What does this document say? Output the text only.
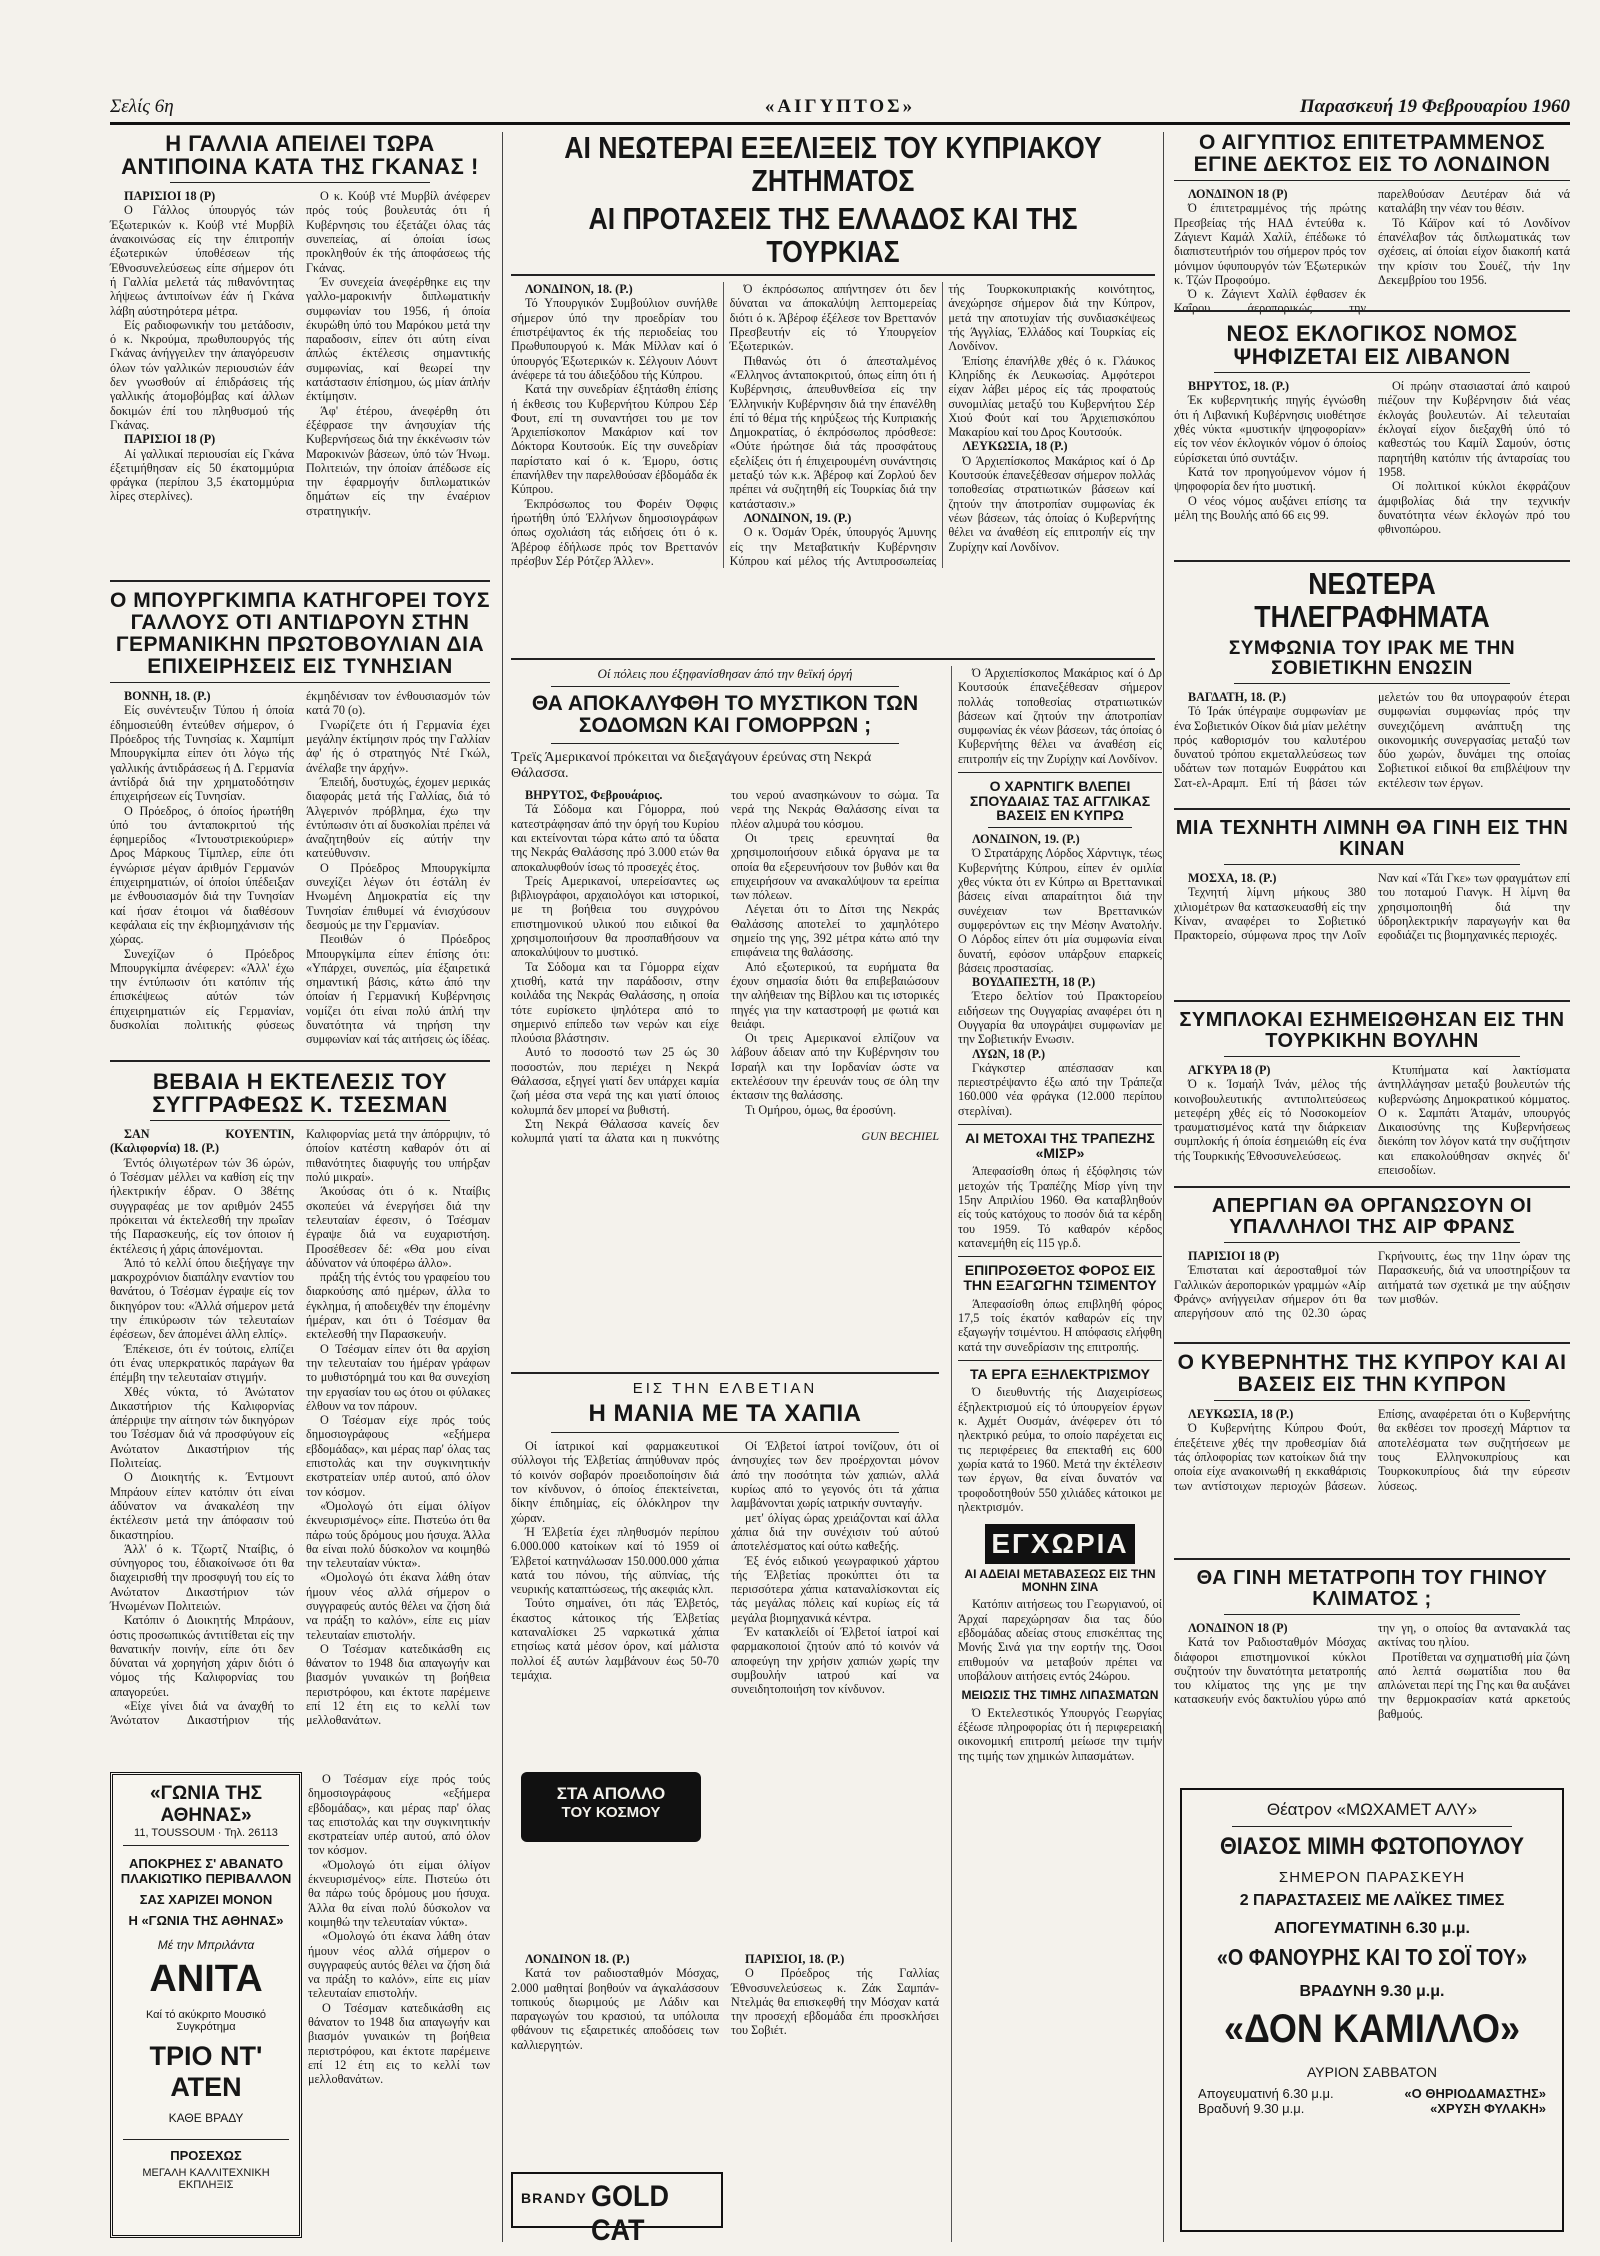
Σελίς 6η	«ΑΙΓΥΠΤΟΣ»	Παρασκευή 19 Φεβρουαρίου 1960
Η ΓΑΛΛΙΑ ΑΠΕΙΛΕΙ ΤΩΡΑ ΑΝΤΙΠΟΙΝΑ ΚΑΤΑ ΤΗΣ ΓΚΑΝΑΣ !

ΠΑΡΙΣΙΟΙ 18 (Ρ)

Ο Γάλλος ύπουργός τών Έξωτερικών κ. Κούβ ντέ Μυρβίλ άνακοινώσας είς την έπιτροπήν έξωτερικών ύποθέσεων τής Έθνοσυνελεύσεως είπε σήμερον ότι ή Γαλλία μελετά τάς πιθανόντητας λήψεως άντιποίνων έάν ή Γκάνα λάβη αύστηρότερα μέτρα.

Είς ραδιοφωνικήν του μετάδοσιν, ό κ. Νκρούμα, πρωθυπουργός τής Γκάνας άνήγγειλεν την άπαγόρευσιν όλων τών γαλλικών περιουσιών έάν δεν γνωσθούν αί έπιδράσεις τής γαλλικής άτομοβόμβας καί άλλων δοκιμών έπί του πληθυσμού τής Γκάνας.

ΠΑΡΙΣΙΟΙ 18 (Ρ)

Αί γαλλικαί περιουσίαι είς Γκάνα έξετιμήθησαν είς 50 έκατομμύρια φράγκα (περίπου 3,5 έκατομμύρια λίρες στερλίνες).

Ο κ. Κούβ ντέ Μυρβίλ άνέφερεν πρός τούς βουλευτάς ότι ή Κυβέρνησις του έξετάζει όλας τάς συνεπείας, αί όποίαι ίσως προκληθούν έκ τής άποφάσεως τής Γκάνας.

Έν συνεχεία άνεφέρθηκε εις την γαλλο-μαροκινήν διπλωματικήν συμφωνίαν του 1956, ή όποία έκυρώθη ύπό του Μαρόκου μετά την παραδοσιν, είπεν ότι αύτη είναι άπλώς έκτέλεσις σημαντικής συμφωνίας, καί θεωρεί την κατάστασιν έπίσημου, ώς μίαν άπλήν έκτίμησιν.

Άφ' έτέρου, άνεφέρθη ότι έξέφρασε την άνησυχίαν τής Κυβερνήσεως διά την έκκένωσιν τών Μαροκινών βάσεων, ύπό τών Ήνωμ. Πολιτειών, την όποίαν άπέδωσε είς την έφαρμογήν διπλωματικών δημάτων είς την έναέριον στρατηγικήν.

Ο ΜΠΟΥΡΓΚΙΜΠΑ ΚΑΤΗΓΟΡΕΙ ΤΟΥΣ ΓΑΛΛΟΥΣ ΟΤΙ ΑΝΤΙΔΡΟΥΝ ΣΤΗΝ ΓΕΡΜΑΝΙΚΗΝ ΠΡΩΤΟΒΟΥΛΙΑΝ ΔΙΑ ΕΠΙΧΕΙΡΗΣΕΙΣ ΕΙΣ ΤΥΝΗΣΙΑΝ

ΒΟΝΝΗ, 18. (Ρ.)

Είς συνέντευξιν Τύπου ή όποία έδημοσιεύθη έντεύθεν σήμερον, ό Πρόεδρος τής Τυνησίας κ. Χαμπίμπ Μπουργκίμπα είπεν ότι λόγω τής γαλλικής άντιδράσεως ή Δ. Γερμανία άντίδρά διά την χρηματοδότησιν έπιχειρήσεων είς Τυνησίαν.

Ο Πρόεδρος, ό όποίος ήρωτήθη ύπό του άνταποκριτού τής έφημερίδος «Ίντουστριεκούριερ» Δρος Μάρκους Τίμπλερ, είπε ότι έγνώρισε μέγαν άριθμόν Γερμανών έπιχειρηματιών, οί όποίοι ύπέδειξαν με ένθουσιασμόν διά την Τυνησίαν καί ήσαν έτοιμοι νά διαθέσουν κεφάλαια είς την έκβιομηχάνισιν τής χώρας.

Συνεχίζων ό Πρόεδρος Μπουργκίμπα άνέφερεν: «Άλλ' έχω την έντύπωσιν ότι κατόπιν τής έπισκέψεως αύτών τών έπιχειρηματιών είς Γερμανίαν, δυσκολίαι πολιτικής φύσεως έκμηδένισαν τον ένθουσιασμόν τών κατά 70 (ο).

Γνωρίζετε ότι ή Γερμανία έχει μεγάλην έκτίμησιν πρός την Γαλλίαν άφ' ής ό στρατηγός Ντέ Γκώλ, άνέλαβε την άρχήν».

Έπειδή, δυστυχώς, έχομεν μερικάς διαφοράς μετά τής Γαλλίας, διά τό Άλγερινόν πρόβλημα, έχω την έντύπωσιν ότι αί δυσκολίαι πρέπει νά άναζητηθούν είς αύτήν την κατεύθυνσιν.

Ο Πρόεδρος Μπουργκίμπα συνεχίζει λέγων ότι έστάλη έν Ηνωμένη Δημοκρατία είς την Τυνησίαν έπιθυμεί νά ένισχύσουν δεσμούς με την Γερμανίαν.

Πεοιθών ό Πρόεδρος Μπουργκίμπα είπεν έπίσης ότι: «Υπάρχει, συνεπώς, μία έξαιρετικά σημαντική βάσις, κάτω άπό την όποίαν ή Γερμανική Κυβέρνησις νομίζει ότι είναι πολύ άπλή την δυνατότητα νά τηρήση την συμφωνίαν καί τάς αιτήσεις ώς ίδέας.

ΒΕΒΑΙΑ Η ΕΚΤΕΛΕΣΙΣ ΤΟΥ ΣΥΓΓΡΑΦΕΩΣ Κ. ΤΣΕΣΜΑΝ

ΣΑΝ ΚΟΥΕΝΤΙΝ, (Καλιφορνία) 18. (Ρ.)

Έντός όλιγωτέρων τών 36 ώρών, ό Τσέσμαν μέλλει να καθίση είς την ήλεκτρικήν έδραν. Ο 38έτης συγγραφέας με τον αριθμόν 2455 πρόκειται νά έκτελεσθή την πρωΐαν τής Παρασκευής, είς τον όποιον ή έκτέλεσις ή χάρις άπονέμονται.

Άπό τό κελλί όπου διεξήγαγε την μακροχρόνιον διαπάλην εναντίον του θανάτου, ό Τσέσμαν έγραψε είς τον δικηγόρον του: «Άλλά σήμερον μετά την έπικύρωσιν τών τελευταίων έφέσεων, δεν άπομένει άλλη ελπίς».

Έπέκεισε, ότι έν τούτοις, ελπίζει ότι ένας υπερκρατικός παράγων θα έπέμβη την τελευταίαν στιγμήν.

Χθές νύκτα, τό Άνώτατον Δικαστήριον τής Καλιφορνίας άπέρριψε την αίτησιν τών δικηγόρων του Τσέσμαν διά νά προσφύγουν είς Ανώτατον Δικαστήριον τής Πολιτείας.

Ο Διοικητής κ. Έντμουντ Μπράουν είπεν κατόπιν ότι είναι άδύνατον να άνακαλέση την έκτέλεσιν μετά την άπόφασιν τού δικαστηρίου.

Άλλ' ό κ. Τζωρτζ Νταίβις, ό σύνηγορος του, έδιακοίνωσε ότι θα διαχειρισθή την προσφυγή του είς το Ανώτατον Δικαστήριον τών Ήνωμένων Πολιτειών.

Κατόπιν ό Διοικητής Μπράουν, όστις προσωπικώς άντιτίθεται είς την θανατικήν ποινήν, είπε ότι δεν δύναται νά χορηγήση χάριν διότι ό νόμος τής Καλιφορνίας του απαγορεύει.

«Είχε γίνει διά να άναχθή το Άνώτατον Δικαστήριον τής Καλιφορνίας μετά την άπόρριψιν, τό όποίον κατέστη καθαρόν ότι αί πιθανότητες διαφυγής του υπήρξαν πολύ μικραί».

Άκούσας ότι ό κ. Νταίβις σκοπεύει νά ένεργήσει διά την τελευταίαν έφεσιν, ό Τσέσμαν έγραψε διά να ευχαριστήση. Προσέθεσεν δέ: «Θα μου είναι άδύνατον νά ύποφέρω άλλο».

πράξη τής έντός του γραφείου του διαρκούσης από ημέρων, άλλα το έγκλημα, ή αποδειχθέν την έπομένην ήμέραν, και ότι ό Τσέσμαν θα εκτελεσθή την Παρασκευήν.

Ο Τσέσμαν είπεν ότι θα αρχίση την τελευταίαν του ήμέραν γράφων το μυθιστόρημά του και θα συνεχίση την εργασίαν του ως ότου οι φύλακες έλθουν να τον πάρουν.

Ο Τσέσμαν είχε πρός τούς δημοσιογράφους «εξήμερα εβδομάδας», και μέρας παρ' όλας τας επιστολάς και την συγκινητικήν εκστρατείαν υπέρ αυτού, από όλον τον κόσμον.

«Όμολογώ ότι είμαι όλίγον έκνευρισμένος» είπε. Πιστεύω ότι θα πάρω τούς δρόμους μου ήσυχα. Άλλα θα είναι πολύ δύσκολον να κοιμηθώ την τελευταίαν νύκτα».

«Ομολογώ ότι έκανα λάθη όταν ήμουν νέος αλλά σήμερον ο συγγραφεύς αυτός θέλει να ζήση διά να πράξη το καλόν», είπε εις μίαν τελευταίαν επιστολήν.

Ο Τσέσμαν κατεδικάσθη εις θάνατον το 1948 δια απαγωγήν και βιασμόν γυναικών τη βοήθεια περιστρόφου, και έκτοτε παρέμεινε επί 12 έτη εις το κελλί των μελλοθανάτων.

«ΓΩΝΙΑ ΤΗΣ ΑΘΗΝΑΣ»
11, TOUSSOUM · Τηλ. 26113
ΑΠΟΚΡΗΕΣ Σ' ΑΒΑΝΑΤΟ
ΠΛΑΚΙΩΤΙΚΟ ΠΕΡΙΒΑΛΛΟΝ
ΣΑΣ ΧΑΡΙΖΕΙ ΜΟΝΟΝ
Η «ΓΩΝΙΑ ΤΗΣ ΑΘΗΝΑΣ»
Μέ την Μπριλάντα
ΑΝΙΤΑ
Καί τό ακύκριτο Μουσικό Συγκρότημα
ΤΡΙΟ ΝΤ' ΑΤΕΝ
ΚΑΘΕ ΒΡΑΔΥ
ΠΡΟΣΕΧΩΣ
ΜΕΓΑΛΗ ΚΑΛΛΙΤΕΧΝΙΚΗ ΕΚΠΛΗΞΙΣ

Ο Τσέσμαν είχε πρός τούς δημοσιογράφους «εξήμερα εβδομάδας», και μέρας παρ' όλας τας επιστολάς και την συγκινητικήν εκστρατείαν υπέρ αυτού, από όλον τον κόσμον.

«Όμολογώ ότι είμαι όλίγον έκνευρισμένος» είπε. Πιστεύω ότι θα πάρω τούς δρόμους μου ήσυχα. Άλλα θα είναι πολύ δύσκολον να κοιμηθώ την τελευταίαν νύκτα».

«Ομολογώ ότι έκανα λάθη όταν ήμουν νέος αλλά σήμερον ο συγγραφεύς αυτός θέλει να ζήση διά να πράξη το καλόν», είπε εις μίαν τελευταίαν επιστολήν.

Ο Τσέσμαν κατεδικάσθη εις θάνατον το 1948 δια απαγωγήν και βιασμόν γυναικών τη βοήθεια περιστρόφου, και έκτοτε παρέμεινε επί 12 έτη εις το κελλί των μελλοθανάτων.

ΑΙ ΝΕΩΤΕΡΑΙ ΕΞΕΛΙΞΕΙΣ ΤΟΥ ΚΥΠΡΙΑΚΟΥ ΖΗΤΗΜΑΤΟΣ
ΑΙ ΠΡΟΤΑΣΕΙΣ ΤΗΣ ΕΛΛΑΔΟΣ ΚΑΙ ΤΗΣ ΤΟΥΡΚΙΑΣ

ΛΟΝΔΙΝΟΝ, 18. (Ρ.)

Τό Υπουργικόν Συμβούλιον συνήλθε σήμερον ύπό την προεδρίαν του έπιστρέψαντος έκ τής περιοδείας του Πρωθυπουργού κ. Μάκ Μίλλαν καί ό ύπουργός Έξωτερικών κ. Σέλγουιν Λόυντ άνέφερε τά του άδιεξόδου τής Κύπρου.

Κατά την συνεδρίαν έξητάσθη έπίσης ή έκθεσις του Κυβερνήτου Κύπρου Σέρ Φουτ, επί τη συναντήσει του με τον Άρχιεπίσκοπον Μακάριον καί τον Δόκτορα Κουτσούκ. Είς την συνεδρίαν παρίστατο καί ό κ. Έμορυ, όστις έπανήλθεν την παρελθούσαν έβδομάδα έκ Κύπρου.

Έκπρόσωπος του Φορέιν Όφφις ήρωτήθη ύπό Έλλήνων δημοσιογράφων όπως σχολιάση τάς ειδήσεις ότι ό κ. Άβέροφ έδήλωσε πρός τον Βρεττανόν πρέσβυν Σέρ Ρότζερ Άλλεν».

Ό έκπρόσωπος απήντησεν ότι δεν δύναται να άποκαλύψη λεπτομερείας διότι ό κ. Άβέροφ έξέλεσε τον Βρεττανόν Πρεσβευτήν είς τό Υπουργείον Έξωτερικών.

Πιθανώς ότι ό άπεσταλμένος «Έλληνος άνταποκριτού, όπως είπη ότι ή Κυβέρνησις, άπευθυνθείσα είς την Έλληνικήν Κυβέρνησιν διά την έπανέλθη έπί τό θέμα τής κηρύξεως τής Κυπριακής Δημοκρατίας, ό έκπρόσωπος πρόσθεσε: «Ούτε ήρώτησε διά τάς προσφάτους εξελίξεις ότι ή έπιχειρουμένη συνάντησις μεταξύ τών κ.κ. Άβέροφ καί Ζορλού δεν πρέπει νά συζητηθή είς Τουρκίας διά την κατάστασιν.»

ΛΟΝΔΙΝΟΝ, 19. (Ρ.)

Ο κ. Όσμάν Όρέκ, ύπουργός Άμυνης είς την Μεταβατικήν Κυβέρνησιν Κύπρου καί μέλος τής Αντιπροσωπείας τής Τουρκοκυπριακής κοινότητος, άνεχώρησε σήμερον διά την Κύπρον, μετά την αποτυχίαν τής συνδιασκέψεως τής Άγγλίας, Έλλάδος καί Τουρκίας είς Λονδίνον.

Έπίσης έπανήλθε χθές ό κ. Γλάυκος Κληρίδης έκ Λευκωσίας. Αμφότεροι είχαν λάβει μέρος είς τάς προφατούς συνομιλίας μεταξύ του Κυβερνήτου Σέρ Χιού Φούτ καί του Άρχιεπισκόπου Μακαρίου καί του Δρος Κουτσούκ.

ΛΕΥΚΩΣΙΑ, 18 (Ρ.)

Ό Άρχιεπίσκοπος Μακάριος καί ό Δρ Κουτσούκ έπανεξέθεσαν σήμερον πολλάς τοποθεσίας στρατιωτικών βάσεων καί ζητούν την άποτροπίαν συμφωνίας έκ νέων βάσεων, τάς όποίας ό Κυβερνήτης θέλει να άναθέση είς επιτροπήν είς την Ζυρίχην καί Λονδίνον.

Οί πόλεις που έξηφανίσθησαν άπό την θεϊκή όργή
ΘΑ ΑΠΟΚΑΛΥΦΘΗ ΤΟ ΜΥΣΤΙΚΟΝ ΤΩΝ ΣΟΔΟΜΩΝ ΚΑΙ ΓΟΜΟΡΡΩΝ ;
Τρεϊς Άμερικανοί πρόκειται να διεξαγάγουν έρεύνας στη Νεκρά Θάλασσα.

ΒΗΡΥΤΟΣ, Φεβρουάριος.

Τά Σόδομα και Γόμορρα, πού κατεστράφησαν άπό την όργή του Κυρίου και εκτείνονται τώρα κάτω από τα ύδατα της Νεκράς Θαλάσσης πρό 3.000 ετών θα αποκαλυφθούν ίσως τό προσεχές έτος.

Τρείς Αμερικανοί, υπερείσαντες ως βιβλιογράφοι, αρχαιολόγοι και ιστορικοί, με τη βοήθεια του συγχρόνου επιστημονικού υλικού που ειδικοί θα χρησιμοποιήσουν θα προσπαθήσουν να αποκαλύψουν το μυστικό.

Τα Σόδομα και τα Γόμορρα είχαν χτισθή, κατά την παράδοσιν, στην κοιλάδα της Νεκράς Θαλάσσης, η οποία τότε ευρίσκετο ψηλότερα από το σημερινό επίπεδο των νερών και είχε πλούσια βλάστησιν.

Αυτό το ποσοστό των 25 ώς 30 ποσοστών, που περιέχει η Νεκρά Θάλασσα, εξηγεί γιατί δεν υπάρχει καμία ζωή μέσα στα νερά της και γιατί όποιος κολυμπά δεν μπορεί να βυθιστή.

Στη Νεκρά Θάλασσα κανείς δεν κολυμπά γιατί τα άλατα και η πυκνότης του νερού ανασηκώνουν το σώμα. Τα νερά της Νεκράς Θαλάσσης είναι τα πλέον αλμυρά του κόσμου.

Οι τρεις ερευνηταί θα χρησιμοποιήσουν ειδικά όργανα με τα οποία θα εξερευνήσουν τον βυθόν και θα επιχειρήσουν να ανακαλύψουν τα ερείπια των πόλεων.

Λέγεται ότι το Δίτσι της Νεκράς Θαλάσσης αποτελεί το χαμηλότερο σημείο της γης, 392 μέτρα κάτω από την επιφάνεια της θαλάσσης.

Από εξωτερικού, τα ευρήματα θα έχουν σημασία διότι θα επιβεβαιώσουν την αλήθειαν της Βίβλου και τις ιστορικές πηγές για την καταστροφή με φωτιά και θειάφι.

Οι τρεις Αμερικανοί ελπίζουν να λάβουν άδειαν από την Κυβέρνησιν του Ισραήλ και την Ιορδανίαν ώστε να εκτελέσουν την έρευνάν τους σε όλη την έκτασιν της θαλάσσης.

Τι Ομήρου, όμως, θα έροσύνη.

GUN BECHIEL

Ό Άρχιεπίσκοπος Μακάριος καί ό Δρ Κουτσούκ έπανεξέθεσαν σήμερον πολλάς τοποθεσίας στρατιωτικών βάσεων καί ζητούν την άποτροπίαν συμφωνίας έκ νέων βάσεων, τάς όποίας ό Κυβερνήτης θέλει να άναθέση είς επιτροπήν είς την Ζυρίχην καί Λονδίνον.

Ο ΧΑΡΝΤΙΓΚ ΒΛΕΠΕΙ ΣΠΟΥΔΑΙΑΣ ΤΑΣ ΑΓΓΛΙΚΑΣ ΒΑΣΕΙΣ ΕΝ ΚΥΠΡΩ

ΛΟΝΔΙΝΟΝ, 19. (Ρ.)

Ό Στρατάρχης Λόρδος Χάρντιγκ, τέως Κυβερνήτης Κύπρου, είπεν έν ομιλία χθες νύκτα ότι εν Κύπρω αι Βρεττανικαί βάσεις είναι απαραίτητοι διά την συνέχειαν των Βρεττανικών συμφερόντων εις την Μέσην Ανατολήν. Ο Λόρδος είπεν ότι μία συμφωνία είναι δυνατή, εφόσον υπάρξουν επαρκείς βάσεις προστασίας.

ΒΟΥΔΑΠΕΣΤΗ, 18 (Ρ.)

Έτερο δελτίον τού Πρακτορείου ειδήσεων της Ουγγαρίας αναφέρει ότι η Ουγγαρία θα υπογράψει συμφωνίαν με την Σοβιετικήν Ενωσιν.

ΛΥΩΝ, 18 (Ρ.)

Γκάγκστερ απέσπασαν και περιεστρέψαντο έξω από την Τράπεζα 160.000 νέα φράγκα (12.000 περίπου στερλίναι).

ΑΙ ΜΕΤΟΧΑΙ ΤΗΣ ΤΡΑΠΕΖΗΣ «ΜΙΣΡ»

Άπεφασίσθη όπως ή έξόφλησις τών μετοχών τής Τραπέζης Μίσρ γίνη την 15ην Απριλίου 1960. Θα καταβληθούν είς τούς κατόχους το ποσόν διά τα κέρδη του 1959. Τό καθαρόν κέρδος κατανεμήθη είς 115 γρ.δ.

ΕΠΙΠΡΟΣΘΕΤΟΣ ΦΟΡΟΣ ΕΙΣ ΤΗΝ ΕΞΑΓΩΓΗΝ ΤΣΙΜΕΝΤΟΥ

Άπεφασίσθη όπως επιβληθή φόρος 17,5 τοίς έκατόν καθαρών είς την εξαγωγήν τσιμέντου. Η απόφασις ελήφθη κατά την συνεδρίασιν της επιτροπής.

ΤΑ ΕΡΓΑ ΕΞΗΛΕΚΤΡΙΣΜΟΥ

Ό διευθυντής τής Διαχειρίσεως έξηλεκτρισμού είς τό ύπουργείον έργων κ. Αχμέτ Ουσμάν, άνέφερεν ότι τό ηλεκτρικό ρεύμα, το οποίο παρέχεται εις τις περιφέρειες θα επεκταθή εις 600 χωρία κατά το 1960. Μετά την έκτέλεσιν των έργων, θα είναι δυνατόν να τροφοδοτηθούν 550 χιλιάδες κάτοικοι με ηλεκτρισμόν.

ΕΓΧΩΡΙΑ
ΑΙ ΑΔΕΙΑΙ ΜΕΤΑΒΑΣΕΩΣ ΕΙΣ ΤΗΝ ΜΟΝΗΝ ΣΙΝΑ

Κατόπιν αιτήσεως του Γεωργιανού, οί Άρχαί παρεχώρησαν δια τας δύο εβδομάδας αδείας στους επισκέπτας της Μονής Σινά για την εορτήν της. Όσοι επιθυμούν να μεταβούν πρέπει να υποβάλουν αιτήσεις εντός 24ώρου.

ΜΕΙΩΣΙΣ ΤΗΣ ΤΙΜΗΣ ΛΙΠΑΣΜΑΤΩΝ

Ό Εκτελεστικός Υπουργός Γεωργίας έξέωσε πληροφορίας ότι ή περιφερειακή οικονομική επιτροπή μείωσε την τιμήν της τιμής των χημικών λιπασμάτων.

ΕΙΣ ΤΗΝ ΕΛΒΕΤΙΑΝ
Η ΜΑΝΙΑ ΜΕ ΤΑ ΧΑΠΙΑ

Οί ίατρικοί καί φαρμακευτικοί σύλλογοι τής Έλβετίας άπηύθυναν πρός τό κοινόν σοβαρόν προειδοποίησιν διά τον κίνδυνον, ό όποίος έπεκτείνεται, δίκην έπιδημίας, είς όλόκληρον την χώραν.

Ή Έλβετία έχει πληθυσμόν περίπου 6.000.000 κατοίκων καί τό 1959 οί Έλβετοί κατηνάλωσαν 150.000.000 χάπια κατά του πόνου, τής αϋπνίας, τής νευρικής καταπτώσεως, τής ακεφιάς κλπ.

Τούτο σημαίνει, ότι πάς Έλβετός, έκαστος κάτοικος τής Έλβετίας καταναλίσκει 25 ναρκωτικά χάπια ετησίως κατά μέσον όρον, καί μάλιστα πολλοί έξ αυτών λαμβάνουν έως 50-70 τεμάχια.

Οί Έλβετοί ίατροί τονίζουν, ότι οί άνησυχίες των δεν προέρχονται μόνον άπό την ποσότητα τών χαπιών, αλλά κυρίως από το γεγονός ότι τά χάπια λαμβάνονται χωρίς ιατρικήν συνταγήν.

μετ' όλίγας ώρας χρειάζονται καί άλλα χάπια διά την συνέχισιν τού αύτού άποτελέσματος καί ούτω καθεξής.

Έξ ένός ειδικού γεωγραφικού χάρτου τής Έλβετίας προκύπτει ότι τα περισσότερα χάπια καταναλίσκονται είς τάς μεγάλας πόλεις καί κυρίως είς τά μεγάλα βιομηχανικά κέντρα.

Έν κατακλείδι οί Έλβετοί ίατροί καί φαρμακοποιοί ζητούν από τό κοινόν νά αποφεύγη την χρήσιν χαπιών χωρίς την συμβουλήν ιατρού καί να συνειδητοποιήση τον κίνδυνον.

ΣΤΑ ΑΠΟΛΛΟ
ΤΟΥ ΚΟΣΜΟΥ

ΛΟΝΔΙΝΟΝ 18. (Ρ.)

Κατά τον ραδιοσταθμόν Μόσχας, 2.000 μαθηταί βοηθούν να άγκαλάσσουν τοπικούς διωριμούς με Λάδιν και παραγωγών του κρασιού, τα υπόλοιπα φθάνουν τις εξαιρετικές αποδόσεις των καλλιεργητών.

ΠΑΡΙΣΙΟΙ, 18. (Ρ.)

Ο Πρόεδρος τής Γαλλίας Έθνοσυνελεύσεως κ. Ζάκ Σαμπάν-Ντελμάς θα επισκεφθή την Μόσχαν κατά την προσεχή εβδομάδα έπι προσκλήσει του Σοβιέτ.

BRANDY GOLD CAT
Ο ΑΙΓΥΠΤΙΟΣ ΕΠΙΤΕΤΡΑΜΜΕΝΟΣ ΕΓΙΝΕ ΔΕΚΤΟΣ ΕΙΣ ΤΟ ΛΟΝΔΙΝΟΝ

ΛΟΝΔΙΝΟΝ 18 (Ρ)

Ό έπιτετραμμένος τής πρώτης Πρεσβείας τής ΗΑΔ έντεύθα κ. Ζάγιεντ Καμάλ Χαλίλ, έπέδωκε τό διαπιστευτήριόν του σήμερον πρός τον μόνιμον ύφυπουργόν τών Έξωτερικών κ. Τζών Προφούμο.

Ό κ. Ζάγιεντ Χαλίλ έφθασεν έκ Καΐρου άεροπορικώς την παρελθούσαν Δευτέραν διά νά καταλάβη την νέαν του θέσιν.

Τό Κάϊρον καί τό Λονδίνον έπανέλαβον τάς διπλωματικάς των σχέσεις, αί όποίαι είχον διακοπή κατά την κρίσιν του Σουέζ, τήν 1ην Δεκεμβρίου του 1956.

ΝΕΟΣ ΕΚΛΟΓΙΚΟΣ ΝΟΜΟΣ ΨΗΦΙΖΕΤΑΙ ΕΙΣ ΛΙΒΑΝΟΝ

ΒΗΡΥΤΟΣ, 18. (Ρ.)

Έκ κυβερνητικής πηγής έγνώσθη ότι ή Λιβανική Κυβέρνησις υιοθέτησε χθές νύκτα «μυστικήν ψηφοφορίαν» είς τον νέον έκλογικόν νόμον ό όποίος εύρίσκεται ύπό συντάξιν.

Κατά τον προηγούμενον νόμον ή ψηφοφορία δεν ήτο μυστική.

Ο νέος νόμος αυξάνει επίσης τα μέλη της Βουλής από 66 εις 99.

Οί πρώην στασιασταί άπό καιρού πιέζουν την Κυβέρνησιν διά νέας έκλογάς βουλευτών. Αί τελευταίαι έκλογαί είχον διεξαχθή ύπό τό καθεστώς του Καμίλ Σαμούν, όστις παρητήθη κατόπιν τής άνταρσίας του 1958.

Οί πολιτικοί κύκλοι έκφράζουν άμφιβολίας διά την τεχνικήν δυνατότητα νέων έκλογών πρό του φθινοπώρου.

ΝΕΩΤΕΡΑ ΤΗΛΕΓΡΑΦΗΜΑΤΑ
ΣΥΜΦΩΝΙΑ ΤΟΥ ΙΡΑΚ ΜΕ ΤΗΝ ΣΟΒΙΕΤΙΚΗΝ ΕΝΩΣΙΝ

ΒΑΓΔΑΤΗ, 18. (Ρ.)

Τό Ίράκ ύπέγραψε συμφωνίαν με ένα Σοβιετικόν Οίκον διά μίαν μελέτην πρός καθορισμόν του καλυτέρου δυνατού τρόπου εκμεταλλεύσεως των υδάτων των ποταμών Ευφράτου και Σατ-ελ-Αραμπ. Επί τή βάσει τών μελετών του θα υπογραφούν έτεραι συμφωνίαι συμφωνίας πρός την συνεχιζόμενη ανάπτυξη της οικονομικής συνεργασίας μεταξύ των δύο χωρών, δυνάμει της οποίας Σοβιετικοί ειδικοί θα επιβλέψουν την εκτέλεσιν των έργων.

ΜΙΑ ΤΕΧΝΗΤΗ ΛΙΜΝΗ ΘΑ ΓΙΝΗ ΕΙΣ ΤΗΝ ΚΙΝΑΝ

ΜΟΣΧΑ, 18. (Ρ.)

Τεχνητή λίμνη μήκους 380 χιλιομέτρων θα κατασκευασθή είς την Κίναν, αναφέρει το Σοβιετικό Πρακτορείο, σύμφωνα προς την Λοΐν Ναν καί «Τάι Γκε» των φραγμάτων επί του ποταμού Γιανγκ. Η λίμνη θα χρησιμοποιηθή διά την ύδροηλεκτρικήν παραγωγήν και θα εφοδιάζει τις βιομηχανικές περιοχές.

ΣΥΜΠΛΟΚΑΙ ΕΣΗΜΕΙΩΘΗΣΑΝ ΕΙΣ ΤΗΝ ΤΟΥΡΚΙΚΗΝ ΒΟΥΛΗΝ

ΑΓΚΥΡΑ 18 (Ρ)

Ό κ. Ίσμαήλ Ίνάν, μέλος τής κοινοβουλευτικής αντιπολιτεύσεως μετεφέρη χθές είς τό Νοσοκομείον τραυματισμένος κατά την διάρκειαν συμπλοκής ή όποία έσημειώθη είς ένα τής Τουρκικής Έθνοσυνελεύσεως.

Κτυπήματα καί λακτίσματα άντηλλάγησαν μεταξύ βουλευτών τής κυβερνώσης Δημοκρατικού κόμματος. Ο κ. Σαμπάτι Άταμάν, υπουργός Δικαιοσύνης της Κυβερνήσεως διεκόπη τον λόγον κατά την συζήτησιν και επακολούθησαν σκηνές δι' επεισοδίων.

ΑΠΕΡΓΙΑΝ ΘΑ ΟΡΓΑΝΩΣΟΥΝ ΟΙ ΥΠΑΛΛΗΛΟΙ ΤΗΣ ΑΙΡ ΦΡΑΝΣ

ΠΑΡΙΣΙΟΙ 18 (Ρ)

Έπισταται καί άεροσταθμοί τών Γαλλικών άεροπορικών γραμμών «Αίρ Φράνς» ανήγγειλαν σήμερον ότι θα απεργήσουν από της 02.30 ώρας Γκρήνουιτς, έως την 11ην ώραν της Παρασκευής, διά να υποστηρίξουν τα αιτήματά των σχετικά με την αύξησιν των μισθών.

Ο ΚΥΒΕΡΝΗΤΗΣ ΤΗΣ ΚΥΠΡΟΥ ΚΑΙ ΑΙ ΒΑΣΕΙΣ ΕΙΣ ΤΗΝ ΚΥΠΡΟΝ

ΛΕΥΚΩΣΙΑ, 18 (Ρ.)

Ό Κυβερνήτης Κύπρου Φούτ, έπεξέτεινε χθές την προθεσμίαν διά τάς όπλοφορίας των κατοίκων διά την οποία είχε ανακοινωθή η εκκαθάρισις των αντίστοιχων περιοχών βάσεων. Επίσης, αναφέρεται ότι ο Κυβερνήτης θα εκθέσει τον προσεχή Μάρτιον τα αποτελέσματα των συζητήσεων με τους Ελληνοκυπρίους και Τουρκοκυπρίους διά την εύρεσιν λύσεως.

ΘΑ ΓΙΝΗ ΜΕΤΑΤΡΟΠΗ ΤΟΥ ΓΗΙΝΟΥ ΚΛΙΜΑΤΟΣ ;

ΛΟΝΔΙΝΟΝ 18 (Ρ)

Κατά τον Ραδιοσταθμόν Μόσχας διάφοροι επιστημονικοί κύκλοι συζητούν την δυνατότητα μετατροπής του κλίματος της γης με την κατασκευήν ενός δακτυλίου γύρω από την γη, ο οποίος θα αντανακλά τας ακτίνας του ηλίου.

Προτίθεται να σχηματισθή μία ζώνη από λεπτά σωματίδια που θα απλώνεται περί της Γης και θα αυξάνει την θερμοκρασίαν κατά αρκετούς βαθμούς.

Θέατρον «ΜΩΧΑΜΕΤ ΑΛΥ»
ΘΙΑΣΟΣ ΜΙΜΗ ΦΩΤΟΠΟΥΛΟΥ
ΣΗΜΕΡΟΝ ΠΑΡΑΣΚΕΥΗ
2 ΠΑΡΑΣΤΑΣΕΙΣ ΜΕ ΛΑΪΚΕΣ ΤΙΜΕΣ
ΑΠΟΓΕΥΜΑΤΙΝΗ 6.30 μ.μ.
«Ο ΦΑΝΟΥΡΗΣ ΚΑΙ ΤΟ ΣΟΪ ΤΟΥ»
ΒΡΑΔΥΝΗ 9.30 μ.μ.
«ΔΟΝ ΚΑΜΙΛΛΟ»
ΑΥΡΙΟΝ ΣΑΒΒΑΤΟΝ
Απογευματινή 6.30 μ.μ.
Βραδυνή 9.30 μ.μ.
«Ο ΘΗΡΙΟΔΑΜΑΣΤΗΣ»
«ΧΡΥΣΗ ΦΥΛΑΚΗ»
